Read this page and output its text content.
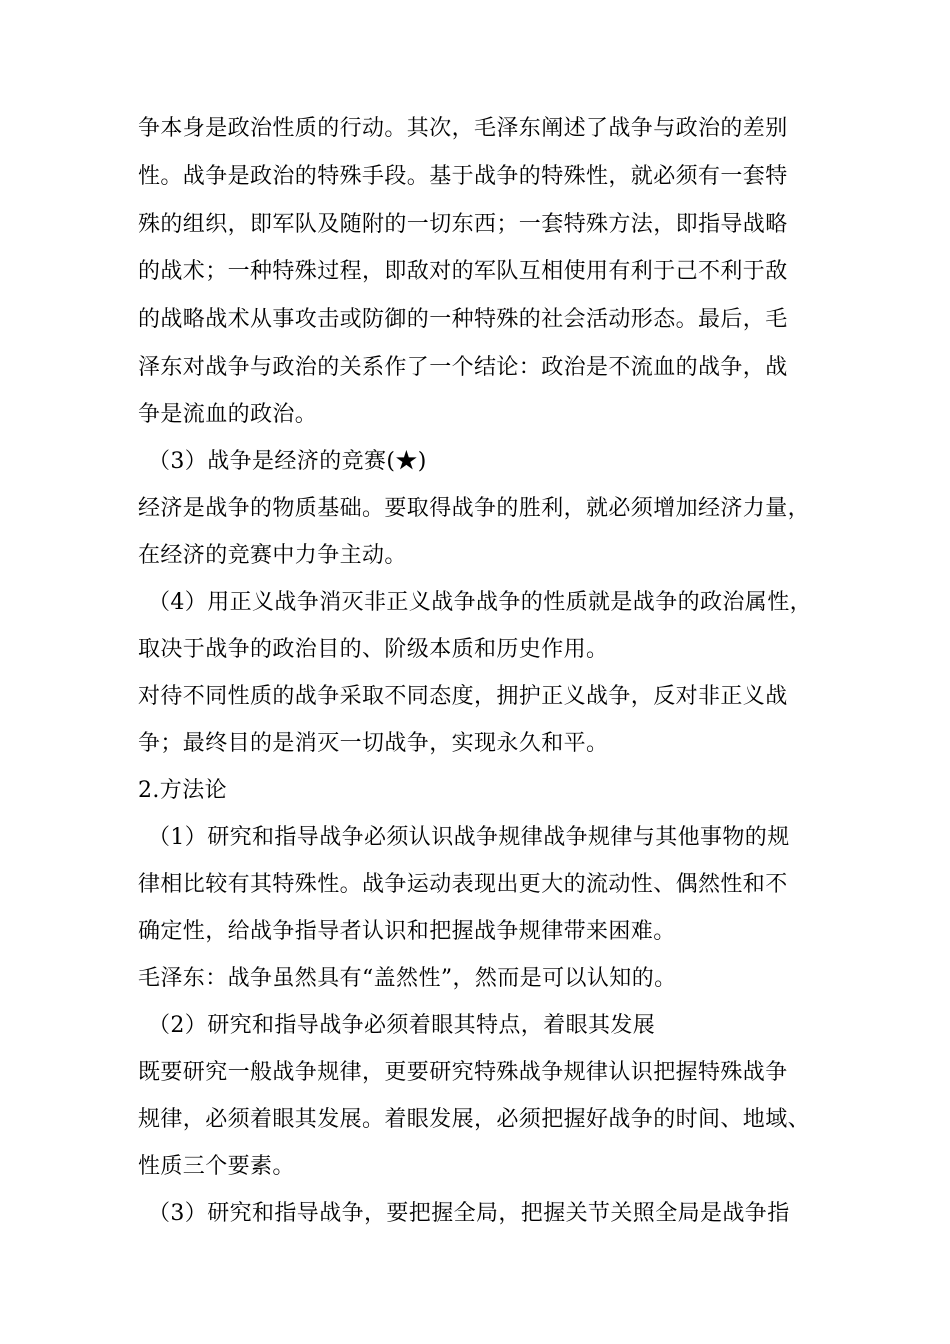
争本身是政治性质的行动。其次，毛泽东阐述了战争与政治的差别
性。战争是政治的特殊手段。基于战争的特殊性，就必须有一套特
殊的组织，即军队及随附的一切东西；一套特殊方法，即指导战略
的战术；一种特殊过程，即敌对的军队互相使用有利于己不利于敌
的战略战术从事攻击或防御的一种特殊的社会活动形态。最后，毛
泽东对战争与政治的关系作了一个结论：政治是不流血的战争，战
争是流血的政治。
（3）战争是经济的竞赛(★)
经济是战争的物质基础。要取得战争的胜利，就必须增加经济力量，
在经济的竞赛中力争主动。
（4）用正义战争消灭非正义战争战争的性质就是战争的政治属性，
取决于战争的政治目的、阶级本质和历史作用。
对待不同性质的战争采取不同态度，拥护正义战争，反对非正义战
争；最终目的是消灭一切战争，实现永久和平。
2.方法论
（1）研究和指导战争必须认识战争规律战争规律与其他事物的规
律相比较有其特殊性。战争运动表现出更大的流动性、偶然性和不
确定性，给战争指导者认识和把握战争规律带来困难。
毛泽东：战争虽然具有“盖然性”，然而是可以认知的。
（2）研究和指导战争必须着眼其特点，着眼其发展
既要研究一般战争规律，更要研究特殊战争规律认识把握特殊战争
规律，必须着眼其发展。着眼发展，必须把握好战争的时间、地域、
性质三个要素。
（3）研究和指导战争，要把握全局，把握关节关照全局是战争指
